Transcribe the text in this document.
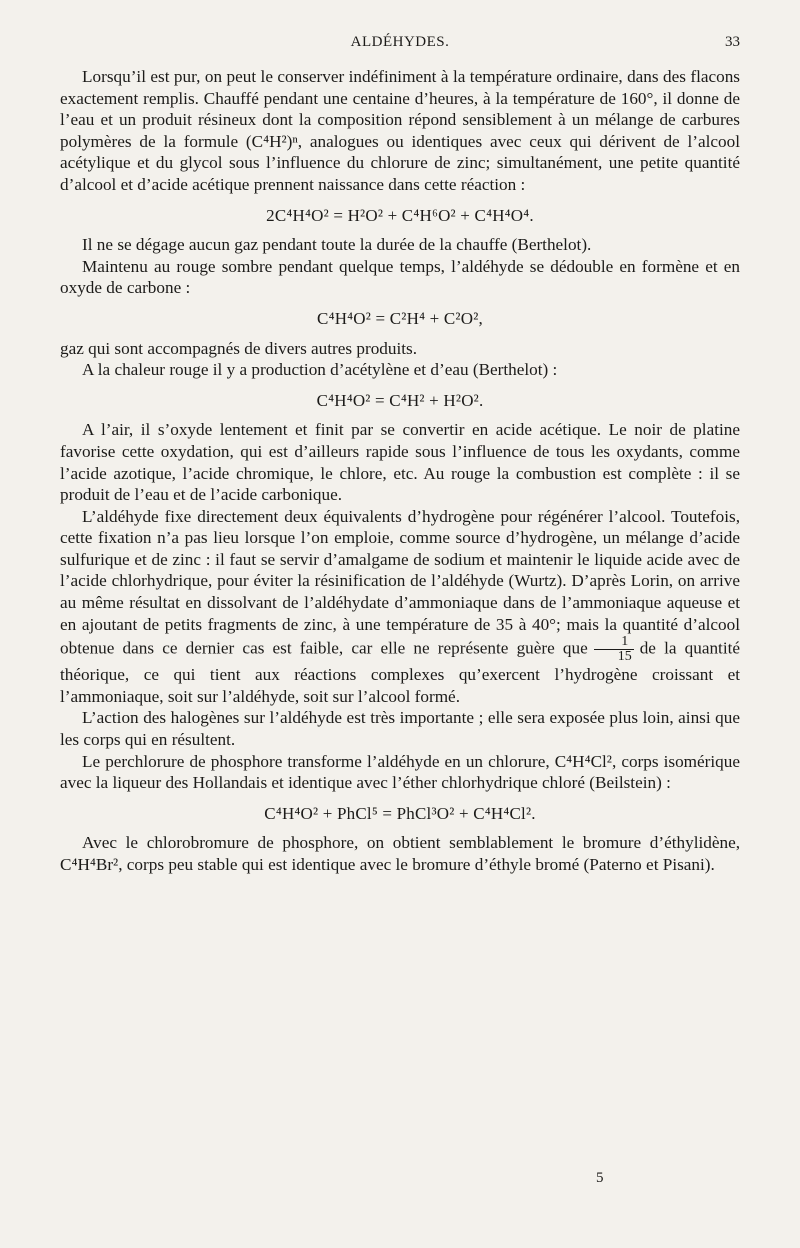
ALDÉHYDES.	33

Lorsqu’il est pur, on peut le conserver indéfiniment à la température ordinaire, dans des flacons exactement remplis. Chauffé pendant une centaine d’heures, à la température de 160°, il donne de l’eau et un produit résineux dont la composition répond sensiblement à un mélange de carbures polymères de la formule (C⁴H²)ⁿ, analogues ou identiques avec ceux qui dérivent de l’alcool acétylique et du glycol sous l’influence du chlorure de zinc; simultanément, une petite quantité d’alcool et d’acide acétique prennent naissance dans cette réaction :

2C⁴H⁴O² = H²O² + C⁴H⁶O² + C⁴H⁴O⁴.

Il ne se dégage aucun gaz pendant toute la durée de la chauffe (Berthelot).

Maintenu au rouge sombre pendant quelque temps, l’aldéhyde se dédouble en formène et en oxyde de carbone :

C⁴H⁴O² = C²H⁴ + C²O²,

gaz qui sont accompagnés de divers autres produits.

A la chaleur rouge il y a production d’acétylène et d’eau (Berthelot) :

C⁴H⁴O² = C⁴H² + H²O².

A l’air, il s’oxyde lentement et finit par se convertir en acide acétique. Le noir de platine favorise cette oxydation, qui est d’ailleurs rapide sous l’influence de tous les oxydants, comme l’acide azotique, l’acide chromique, le chlore, etc. Au rouge la combustion est complète : il se produit de l’eau et de l’acide carbonique.

L’aldéhyde fixe directement deux équivalents d’hydrogène pour régénérer l’alcool. Toutefois, cette fixation n’a pas lieu lorsque l’on emploie, comme source d’hydrogène, un mélange d’acide sulfurique et de zinc : il faut se servir d’amalgame de sodium et maintenir le liquide acide avec de l’acide chlorhydrique, pour éviter la résinification de l’aldéhyde (Wurtz). D’après Lorin, on arrive au même résultat en dissolvant de l’aldéhydate d’ammoniaque dans de l’ammoniaque aqueuse et en ajoutant de petits fragments de zinc, à une température de 35 à 40°; mais la quantité d’alcool obtenue dans ce dernier cas est faible, car elle ne représente guère que $\frac{1}{15}$ de la quantité théorique, ce qui tient aux réactions complexes qu’exercent l’hydrogène croissant et l’ammoniaque, soit sur l’aldéhyde, soit sur l’alcool formé.

L’action des halogènes sur l’aldéhyde est très importante ; elle sera exposée plus loin, ainsi que les corps qui en résultent.

Le perchlorure de phosphore transforme l’aldéhyde en un chlorure, C⁴H⁴Cl², corps isomérique avec la liqueur des Hollandais et identique avec l’éther chlorhydrique chloré (Beilstein) :

C⁴H⁴O² + PhCl⁵ = PhCl³O² + C⁴H⁴Cl².

Avec le chlorobromure de phosphore, on obtient semblablement le bromure d’éthylidène, C⁴H⁴Br², corps peu stable qui est identique avec le bromure d’éthyle bromé (Paterno et Pisani).

5
